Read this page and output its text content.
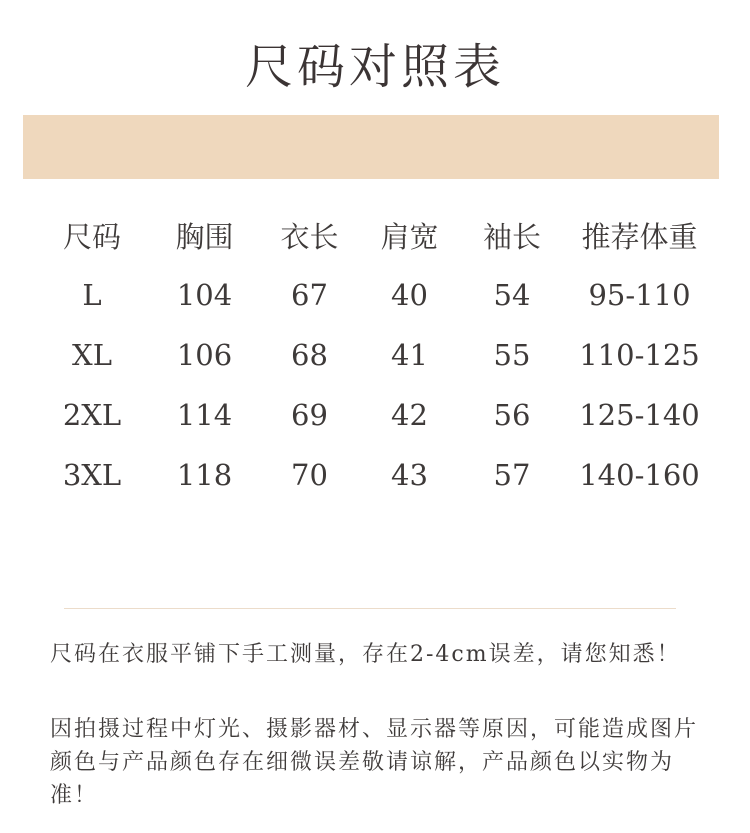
尺码对照表
尺码	胸围	衣长	肩宽	袖长	推荐体重
L	104	67	40	54	95-110
XL	106	68	41	55	110-125
2XL	114	69	42	56	125-140
3XL	118	70	43	57	140-160
尺码在衣服平铺下手工测量，存在2-4cm误差，请您知悉！
因拍摄过程中灯光、摄影器材、显示器等原因，可能造成图片颜色与产品颜色存在细微误差敬请谅解，产品颜色以实物为准！
